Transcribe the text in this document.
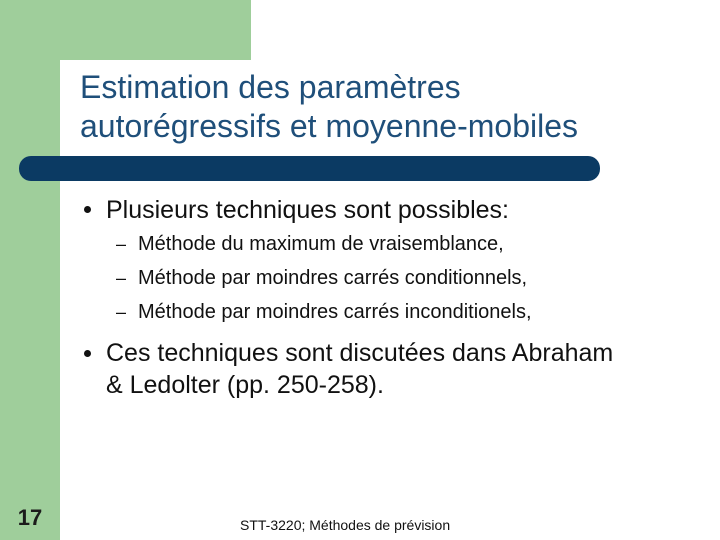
Estimation des paramètres
autorégressifs et moyenne-mobiles
Plusieurs techniques sont possibles:
– Méthode du maximum de vraisemblance,
– Méthode par moindres carrés conditionnels,
– Méthode par moindres carrés inconditionels,
Ces techniques sont discutées dans Abraham
& Ledolter (pp. 250-258).
17	STT-3220; Méthodes de prévision
